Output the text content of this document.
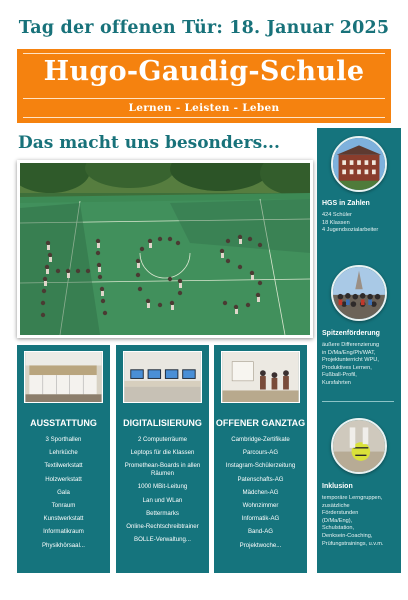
Tag der offenen Tür: 18. Januar 2025
Hugo-Gaudig-Schule
Lernen - Leisten - Leben
Das macht uns besonders...
HGS in Zahlen
424 Schüler
18 Klassen
4 Jugendsozialarbeiter
Spitzenförderung
äußere Differenzierung
in D/Ma/Eng/Ph/WAT,
Projektunterricht WPU,
Produktives Lernen,
Fußball-Profil,
Kursfahrten
Inklusion
temporäre Lerngruppen,
zusätzliche
Förderstunden
(D/Ma/Eng),
Schulstation,
Denksein-Coaching,
Prüfungstrainings, u.v.m.
AUSSTATTUNG
3 Sporthallen
Lehrküche
Textilwerkstatt
Holzwerkstatt
Gala
Tonraum
Kunstwerkstatt
Informatikraum
Physikhörsaal...
DIGITALISIERUNG
2 Computerräume
Leptops für die Klassen
Promethean-Boards in allen Räumen
1000 MBit-Leitung
Lan und WLan
Bettermarks
Online-Rechtschreibtrainer
BOLLE-Verwaltung...
OFFENER GANZTAG
Cambridge-Zertifikate
Parcours-AG
Instagram-Schülerzeitung
Patenschafts-AG
Mädchen-AG
Wohnzimmer
Informatik-AG
Band-AG
Projektwoche...
